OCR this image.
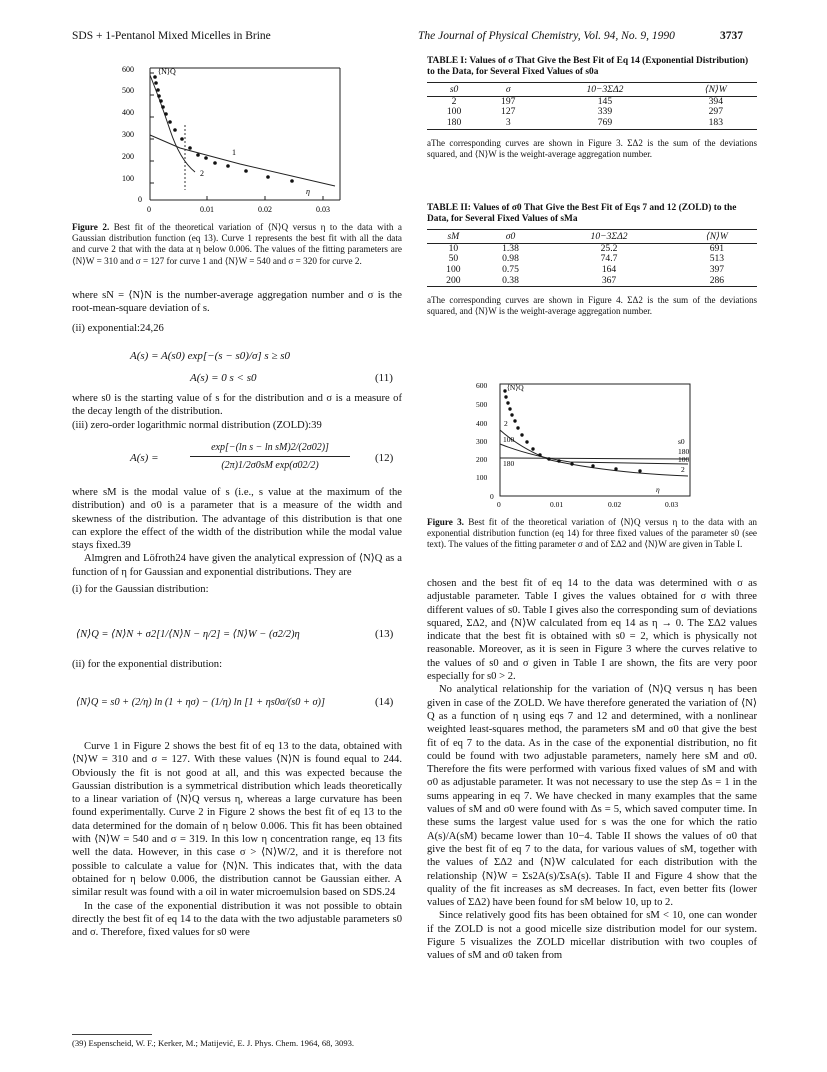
SDS + 1-Pentanol Mixed Micelles in Brine	The Journal of Physical Chemistry, Vol. 94, No. 9, 1990	3737
⟨N⟩Q
600
500
400
300
200
100
0
0	0.01	0.02	0.03
1
2
η
Figure 2. Best fit of the theoretical variation of ⟨N⟩Q versus η to the data with a Gaussian distribution function (eq 13). Curve 1 represents the best fit with all the data and curve 2 that with the data at η below 0.006. The values of the fitting parameters are ⟨N⟩W = 310 and σ = 127 for curve 1 and ⟨N⟩W = 540 and σ = 320 for curve 2.

where sN = ⟨N⟩N is the number-average aggregation number and σ is the root-mean-square deviation of s.

(ii) exponential:24,26

A(s) = A(s0) exp[−(s − s0)/σ] s ≥ s0
A(s) = 0 s < s0	(11)

where s0 is the starting value of s for the distribution and σ is a measure of the decay length of the distribution.

(iii) zero-order logarithmic normal distribution (ZOLD):39

A(s) =
exp[−(ln s − ln sM)2/(2σ02)]
(2π)1/2σ0sM exp(σ02/2)
(12)

where sM is the modal value of s (i.e., s value at the maximum of the distribution) and σ0 is a parameter that is a measure of the width and skewness of the distribution. The advantage of this distribution is that one can explore the effect of the width of the distribution while the modal value stays fixed.39

Almgren and Löfroth24 have given the analytical expression of ⟨N⟩Q as a function of η for Gaussian and exponential distributions. They are

(i) for the Gaussian distribution:

⟨N⟩Q = ⟨N⟩N + σ2[1/⟨N⟩N − η/2] = ⟨N⟩W − (σ2/2)η	(13)

(ii) for the exponential distribution:

⟨N⟩Q = s0 + (2/η) ln (1 + ησ) − (1/η) ln [1 + ηs0σ/(s0 + σ)]	(14)

Curve 1 in Figure 2 shows the best fit of eq 13 to the data, obtained with ⟨N⟩W = 310 and σ = 127. With these values ⟨N⟩N is found equal to 244. Obviously the fit is not good at all, and this was expected because the Gaussian distribution is a symmetrical distribution which leads theoretically to a linear variation of ⟨N⟩Q versus η, whereas a large curvature has been found experimentally. Curve 2 in Figure 2 shows the best fit of eq 13 to the data determined for the domain of η below 0.006. This fit has been obtained with ⟨N⟩W = 540 and σ = 319. In this low η concentration range, eq 13 fits well the data. However, in this case σ > ⟨N⟩W/2, and it is therefore not possible to calculate a value for ⟨N⟩N. This indicates that, with the data obtained for η below 0.006, the distribution cannot be Gaussian either. A similar result was found with a oil in water microemulsion based on SDS.24

In the case of the exponential distribution it was not possible to obtain directly the best fit of eq 14 to the data with the two adjustable parameters s0 and σ. Therefore, fixed values for s0 were

(39) Espenscheid, W. F.; Kerker, M.; Matijević, E. J. Phys. Chem. 1964, 68, 3093.
TABLE I: Values of σ That Give the Best Fit of Eq 14 (Exponential Distribution) to the Data, for Several Fixed Values of s0a
s0	σ	10−3ΣΔ2	⟨N⟩W
2	197	145	394
100	127	339	297
180	3	769	183
aThe corresponding curves are shown in Figure 3. ΣΔ2 is the sum of the deviations squared, and ⟨N⟩W is the weight-average aggregation number.
TABLE II: Values of σ0 That Give the Best Fit of Eqs 7 and 12 (ZOLD) to the Data, for Several Fixed Values of sMa
sM	σ0	10−3ΣΔ2	⟨N⟩W
10	1.38	25.2	691
50	0.98	74.7	513
100	0.75	164	397
200	0.38	367	286
aThe corresponding curves are shown in Figure 4. ΣΔ2 is the sum of the deviations squared, and ⟨N⟩W is the weight-average aggregation number.
⟨N⟩Q
600
500
400
300
200
100
0
0	0.01	0.02	0.03
100
180
s0
180
100
2
2
η
Figure 3. Best fit of the theoretical variation of ⟨N⟩Q versus η to the data with an exponential distribution function (eq 14) for three fixed values of the parameter s0 (see text). The values of the fitting parameter σ and of ΣΔ2 and ⟨N⟩W are given in Table I.

chosen and the best fit of eq 14 to the data was determined with σ as adjustable parameter. Table I gives the values obtained for σ with three different values of s0. Table I gives also the corresponding sum of deviations squared, ΣΔ2, and ⟨N⟩W calculated from eq 14 as η → 0. The ΣΔ2 values indicate that the best fit is obtained with s0 = 2, which is physically not reasonable. Moreover, as it is seen in Figure 3 where the curves relative to the values of s0 and σ given in Table I are shown, the fits are very poor especially for s0 > 2.

No analytical relationship for the variation of ⟨N⟩Q versus η has been given in case of the ZOLD. We have therefore generated the variation of ⟨N⟩Q as a function of η using eqs 7 and 12 and determined, with a nonlinear weighted least-squares method, the parameters sM and σ0 that give the best fit of eq 7 to the data. As in the case of the exponential distribution, no fit could be found with two adjustable parameters, namely here sM and σ0. Therefore the fits were performed with various fixed values of sM and with σ0 as adjustable parameter. It was not necessary to use the step Δs = 1 in the sums appearing in eq 7. We have checked in many examples that the same values of sM and σ0 were found with Δs = 5, which saved computer time. In these sums the largest value used for s was the one for which the ratio A(s)/A(sM) became lower than 10−4. Table II shows the values of σ0 that give the best fit of eq 7 to the data, for various values of sM, together with the values of ΣΔ2 and ⟨N⟩W calculated for each distribution with the relationship ⟨N⟩W = Σs2A(s)/ΣsA(s). Table II and Figure 4 show that the quality of the fit increases as sM decreases. In fact, even better fits (lower values of ΣΔ2) have been found for sM below 10, up to 2.

Since relatively good fits has been obtained for sM < 10, one can wonder if the ZOLD is not a good micelle size distribution model for our system. Figure 5 visualizes the ZOLD micellar distribution with two couples of values of sM and σ0 taken from
